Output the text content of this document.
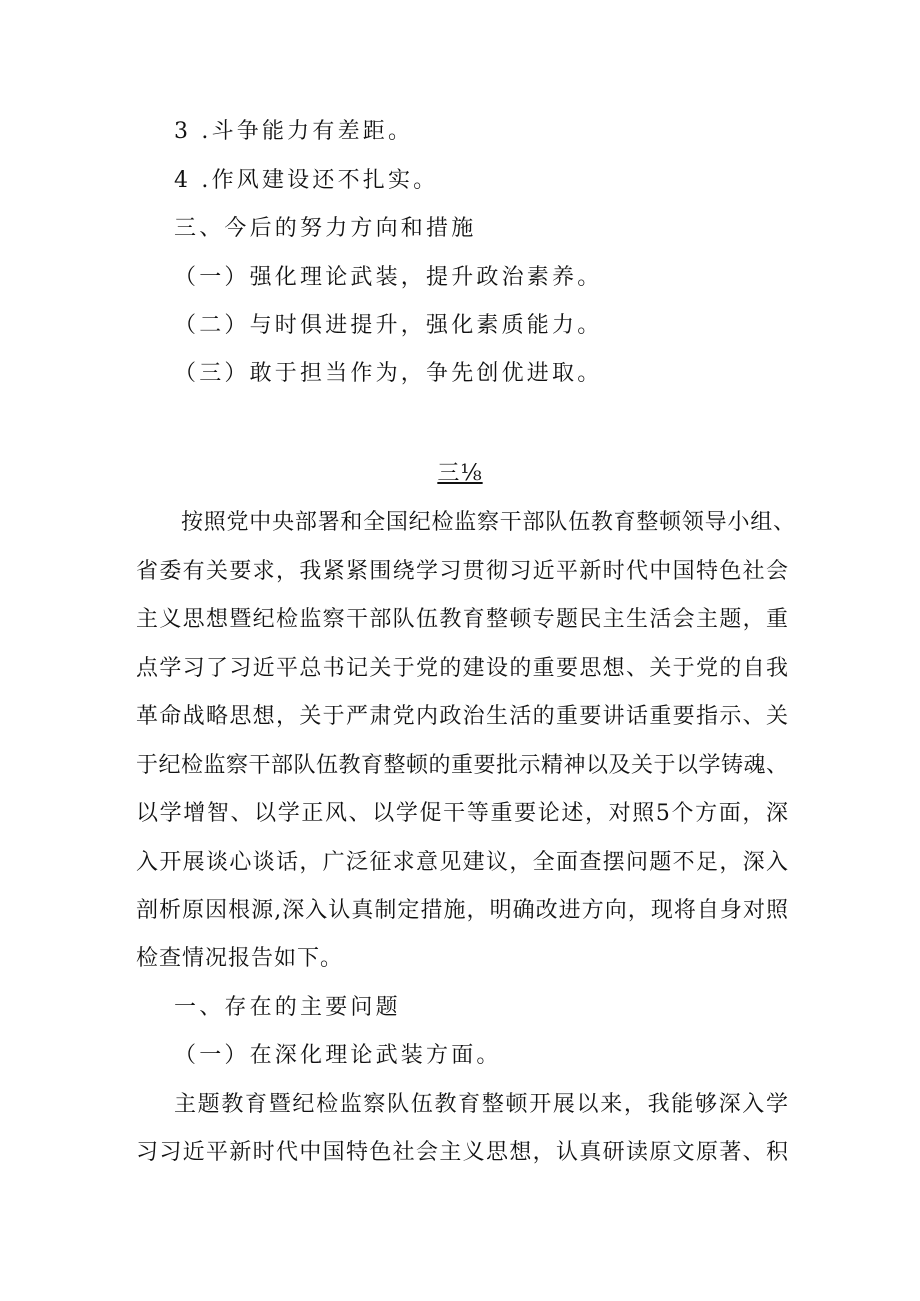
3 .斗争能力有差距。
4 .作风建设还不扎实。
三、今后的努力方向和措施
（一）强化理论武装，提升政治素养。
（二）与时俱进提升，强化素质能力。
（三）敢于担当作为，争先创优进取。
三⅛
按照党中央部署和全国纪检监察干部队伍教育整顿领导小组、
省委有关要求，我紧紧围绕学习贯彻习近平新时代中国特色社会
主义思想暨纪检监察干部队伍教育整顿专题民主生活会主题，重
点学习了习近平总书记关于党的建设的重要思想、关于党的自我
革命战略思想，关于严肃党内政治生活的重要讲话重要指示、关
于纪检监察干部队伍教育整顿的重要批示精神以及关于以学铸魂、
以学增智、以学正风、以学促干等重要论述，对照5个方面，深
入开展谈心谈话，广泛征求意见建议，全面查摆问题不足，深入
剖析原因根源,深入认真制定措施，明确改进方向，现将自身对照
检查情况报告如下。
一、存在的主要问题
（一）在深化理论武装方面。
主题教育暨纪检监察队伍教育整顿开展以来，我能够深入学
习习近平新时代中国特色社会主义思想，认真研读原文原著、积
